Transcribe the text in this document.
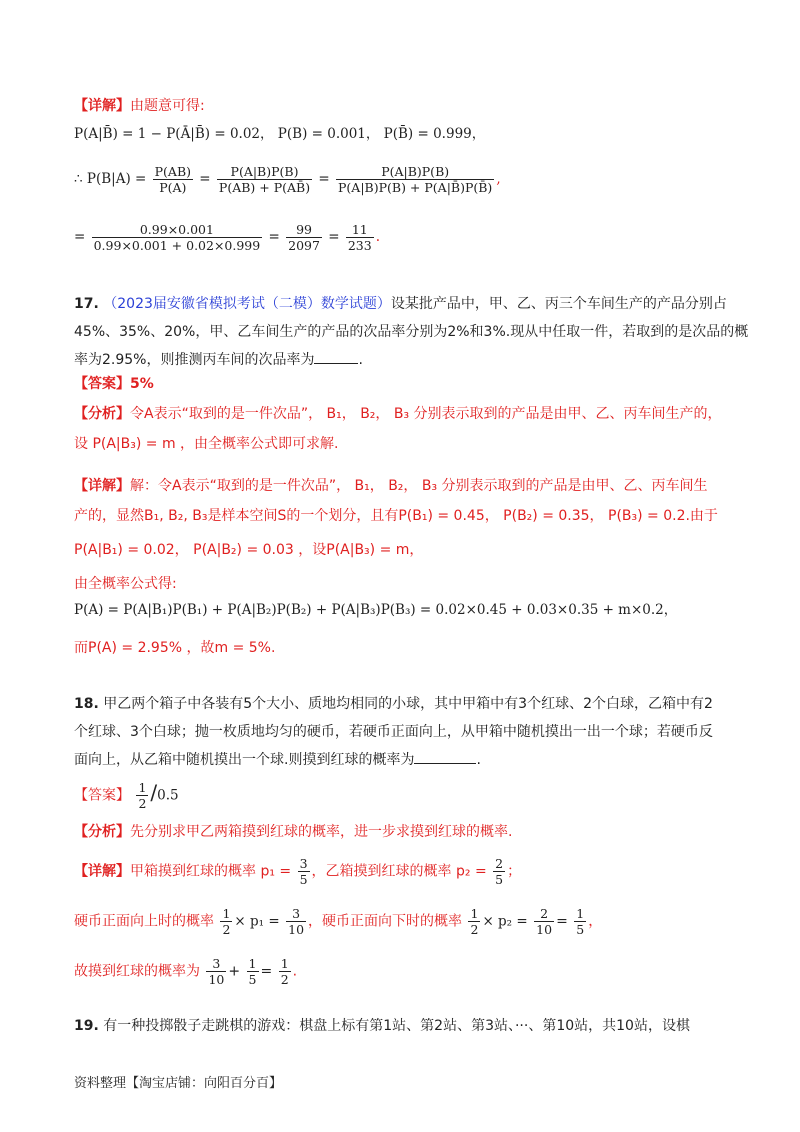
【详解】由题意可得:
P(A|B̄) = 1 − P(Ā|B̄) = 0.02， P(B) = 0.001， P(B̄) = 0.999，
∴ $P(B|A) = \frac{P(AB)}{P(A)} = \frac{P(A|B)P(B)}{P(AB) + P(AB̄)} = \frac{P(A|B)P(B)}{P(A|B)P(B) + P(A|B̄)P(B̄)}$ ,
= $\frac{0.99\times 0.001}{0.99\times 0.001 + 0.02\times 0.999} = \frac{99}{2097} = \frac{11}{233}$ .
17. （2023届安徽省模拟考试（二模）数学试题）设某批产品中，甲、乙、丙三个车间生产的产品分别占
45%、35%、20%，甲、乙车间生产的产品的次品率分别为2%和3%.现从中任取一件，若取到的是次品的概
率为2.95%，则推测丙车间的次品率为	.
【答案】5%
【分析】令A表示“取到的是一件次品”， B₁， B₂， B₃ 分别表示取到的产品是由甲、乙、丙车间生产的，
设 P(A|B₃) = m ，由全概率公式即可求解.
【详解】解：令A表示“取到的是一件次品”， B₁， B₂， B₃ 分别表示取到的产品是由甲、乙、丙车间生
产的，显然B₁, B₂, B₃是样本空间S的一个划分，且有P(B₁) = 0.45， P(B₂) = 0.35， P(B₃) = 0.2.由于
P(A|B₁) = 0.02， P(A|B₂) = 0.03 ，设P(A|B₃) = m，
由全概率公式得:
P(A) = P(A|B₁)P(B₁) + P(A|B₂)P(B₂) + P(A|B₃)P(B₃) = 0.02×0.45 + 0.03×0.35 + m×0.2，
而P(A) = 2.95% ，故m = 5%.
18. 甲乙两个箱子中各装有5个大小、质地均相同的小球，其中甲箱中有3个红球、2个白球，乙箱中有2
个红球、3个白球；抛一枚质地均匀的硬币，若硬币正面向上，从甲箱中随机摸出一出一个球；若硬币反
面向上，从乙箱中随机摸出一个球.则摸到红球的概率为	.
【答案】 $\frac{1}{2} /0.5$
【分析】先分别求甲乙两箱摸到红球的概率，进一步求摸到红球的概率.
【详解】甲箱摸到红球的概率 $p_1 = \frac{3}{5}$ ，乙箱摸到红球的概率 $p_2 = \frac{2}{5}$ ；
硬币正面向上时的概率 $\frac{1}{2} \times p_1 = \frac{3}{10}$ ，硬币正面向下时的概率 $\frac{1}{2} \times p_2 = \frac{2}{10} = \frac{1}{5}$ ，
故摸到红球的概率为 $\frac{3}{10} + \frac{1}{5} = \frac{1}{2}$ .
19. 有一种投掷骰子走跳棋的游戏：棋盘上标有第1站、第2站、第3站、···、第10站，共10站，设棋
资料整理【淘宝店铺：向阳百分百】
